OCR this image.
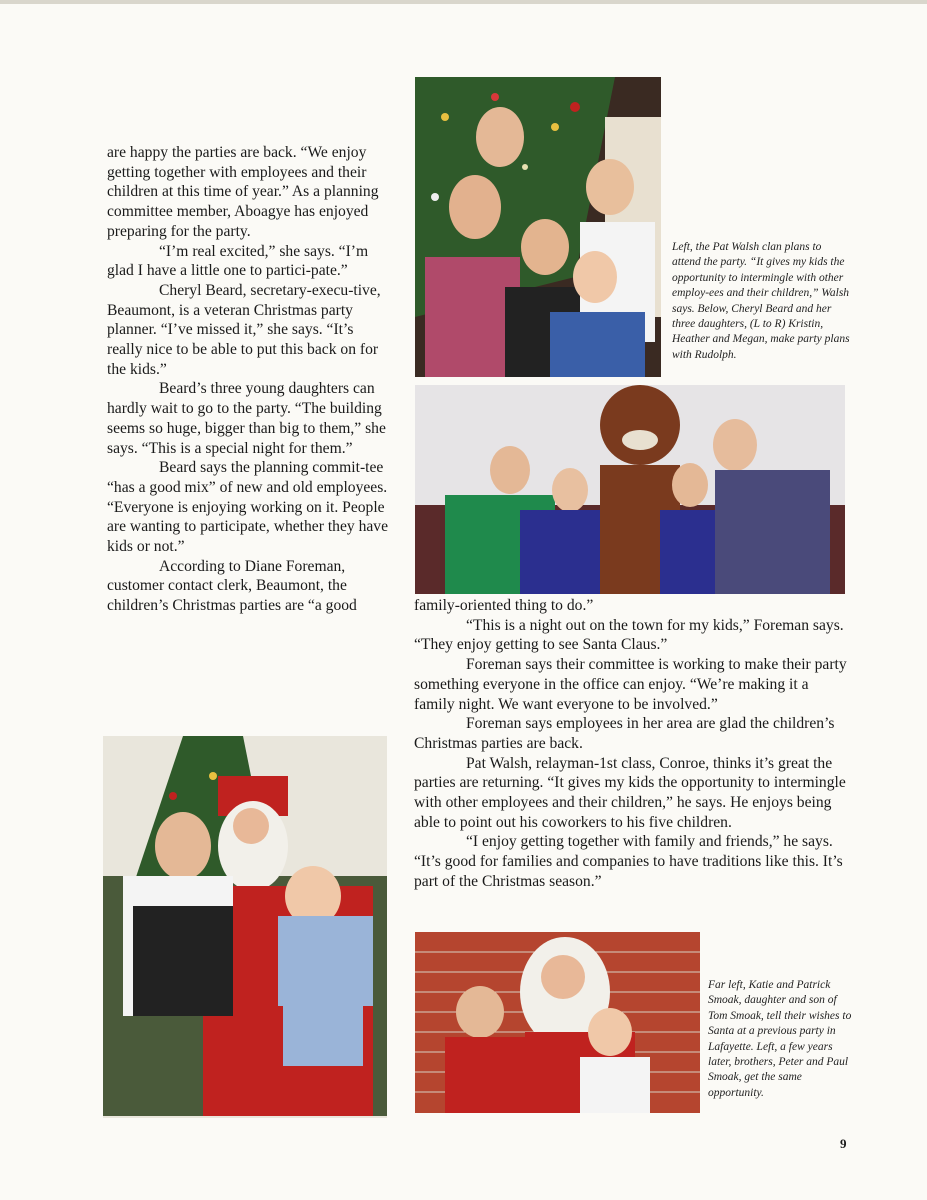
are happy the parties are back. “We enjoy getting together with employees and their children at this time of year.” As a planning committee member, Aboagye has enjoyed preparing for the party.

“I’m real excited,” she says. “I’m glad I have a little one to partici-pate.”

Cheryl Beard, secretary-execu-tive, Beaumont, is a veteran Christmas party planner. “I’ve missed it,” she says. “It’s really nice to be able to put this back on for the kids.”

Beard’s three young daughters can hardly wait to go to the party. “The building seems so huge, bigger than big to them,” she says. “This is a special night for them.”

Beard says the planning commit-tee “has a good mix” of new and old employees. “Everyone is enjoying working on it. People are wanting to participate, whether they have kids or not.”

According to Diane Foreman, customer contact clerk, Beaumont, the children’s Christmas parties are “a good

Left, the Pat Walsh clan plans to attend the party. “It gives my kids the opportunity to intermingle with other employ-ees and their children,” Walsh says. Below, Cheryl Beard and her three daughters, (L to R) Kristin, Heather and Megan, make party plans with Rudolph.

family-oriented thing to do.”

“This is a night out on the town for my kids,” Foreman says. “They enjoy getting to see Santa Claus.”

Foreman says their committee is working to make their party something everyone in the office can enjoy. “We’re making it a family night. We want everyone to be involved.”

Foreman says employees in her area are glad the children’s Christmas parties are back.

Pat Walsh, relayman-1st class, Conroe, thinks it’s great the parties are returning. “It gives my kids the opportunity to intermingle with other employees and their children,” he says. He enjoys being able to point out his coworkers to his five children.

“I enjoy getting together with family and friends,” he says. “It’s good for families and companies to have traditions like this. It’s part of the Christmas season.”

Far left, Katie and Patrick Smoak, daughter and son of Tom Smoak, tell their wishes to Santa at a previous party in Lafayette. Left, a few years later, brothers, Peter and Paul Smoak, get the same opportunity.
9
